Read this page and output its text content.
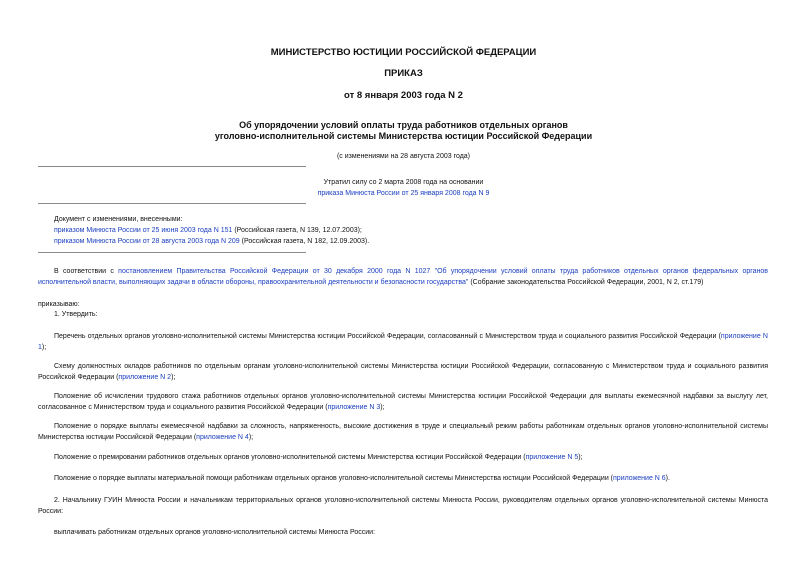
МИНИСТЕРСТВО ЮСТИЦИИ РОССИЙСКОЙ ФЕДЕРАЦИИ
ПРИКАЗ
от 8 января 2003 года N 2
Об упорядочении условий оплаты труда работников отдельных органов
уголовно-исполнительной системы Министерства юстиции Российской Федерации
(с изменениями на 28 августа 2003 года)
Утратил силу со 2 марта 2008 года на основании
приказа Минюста России от 25 января 2008 года N 9
Документ с изменениями, внесенными:
приказом Минюста России от 25 июня 2003 года N 151 (Российская газета, N 139, 12.07.2003);
приказом Минюста России от 28 августа 2003 года N 209 (Российская газета, N 182, 12.09.2003).
В соответствии с постановлением Правительства Российской Федерации от 30 декабря 2000 года N 1027 "Об упорядочении условий оплаты труда работников отдельных органов федеральных органов исполнительной власти, выполняющих задачи в области обороны, правоохранительной деятельности и безопасности государства" (Собрание законодательства Российской Федерации, 2001, N 2, ст.179)
приказываю:
1. Утвердить:
Перечень отдельных органов уголовно-исполнительной системы Министерства юстиции Российской Федерации, согласованный с Министерством труда и социального развития Российской Федерации (приложение N 1);
Схему должностных окладов работников по отдельным органам уголовно-исполнительной системы Министерства юстиции Российской Федерации, согласованную с Министерством труда и социального развития Российской Федерации (приложение N 2);
Положение об исчислении трудового стажа работников отдельных органов уголовно-исполнительной системы Министерства юстиции Российской Федерации для выплаты ежемесячной надбавки за выслугу лет, согласованное с Министерством труда и социального развития Российской Федерации (приложение N 3);
Положение о порядке выплаты ежемесячной надбавки за сложность, напряженность, высокие достижения в труде и специальный режим работы работникам отдельных органов уголовно-исполнительной системы Министерства юстиции Российской Федерации (приложение N 4);
Положение о премировании работников отдельных органов уголовно-исполнительной системы Министерства юстиции Российской Федерации (приложение N 5);
Положение о порядке выплаты материальной помощи работникам отдельных органов уголовно-исполнительной системы Министерства юстиции Российской Федерации (приложение N 6).
2. Начальнику ГУИН Минюста России и начальникам территориальных органов уголовно-исполнительной системы Минюста России, руководителям отдельных органов уголовно-исполнительной системы Минюста России:
выплачивать работникам отдельных органов уголовно-исполнительной системы Минюста России:
